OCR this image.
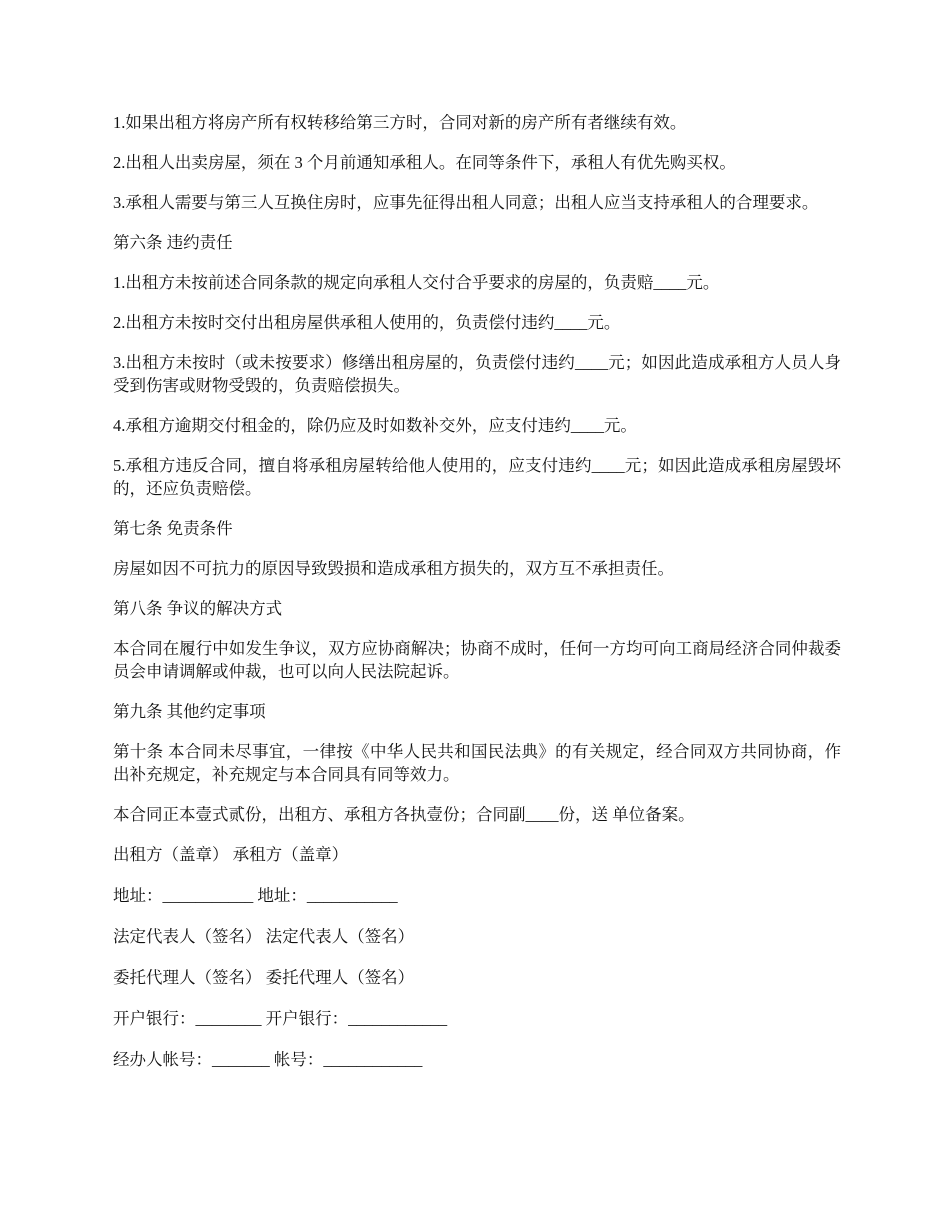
1.如果出租方将房产所有权转移给第三方时，合同对新的房产所有者继续有效。

2.出租人出卖房屋，须在 3 个月前通知承租人。在同等条件下，承租人有优先购买权。

3.承租人需要与第三人互换住房时，应事先征得出租人同意；出租人应当支持承租人的合理要求。

第六条 违约责任

1.出租方未按前述合同条款的规定向承租人交付合乎要求的房屋的，负责赔____元。

2.出租方未按时交付出租房屋供承租人使用的，负责偿付违约____元。

3.出租方未按时（或未按要求）修缮出租房屋的，负责偿付违约____元；如因此造成承租方人员人身受到伤害或财物受毁的，负责赔偿损失。

4.承租方逾期交付租金的，除仍应及时如数补交外，应支付违约____元。

5.承租方违反合同，擅自将承租房屋转给他人使用的，应支付违约____元；如因此造成承租房屋毁坏的，还应负责赔偿。

第七条 免责条件

房屋如因不可抗力的原因导致毁损和造成承租方损失的，双方互不承担责任。

第八条 争议的解决方式

本合同在履行中如发生争议，双方应协商解决；协商不成时，任何一方均可向工商局经济合同仲裁委员会申请调解或仲裁，也可以向人民法院起诉。

第九条 其他约定事项

第十条 本合同未尽事宜，一律按《中华人民共和国民法典》的有关规定，经合同双方共同协商，作出补充规定，补充规定与本合同具有同等效力。

本合同正本壹式贰份，出租方、承租方各执壹份；合同副____份，送 单位备案。

出租方（盖章） 承租方（盖章）

地址：___________ 地址：___________

法定代表人（签名） 法定代表人（签名）

委托代理人（签名） 委托代理人（签名）

开户银行：________ 开户银行：____________

经办人帐号：_______ 帐号：____________
